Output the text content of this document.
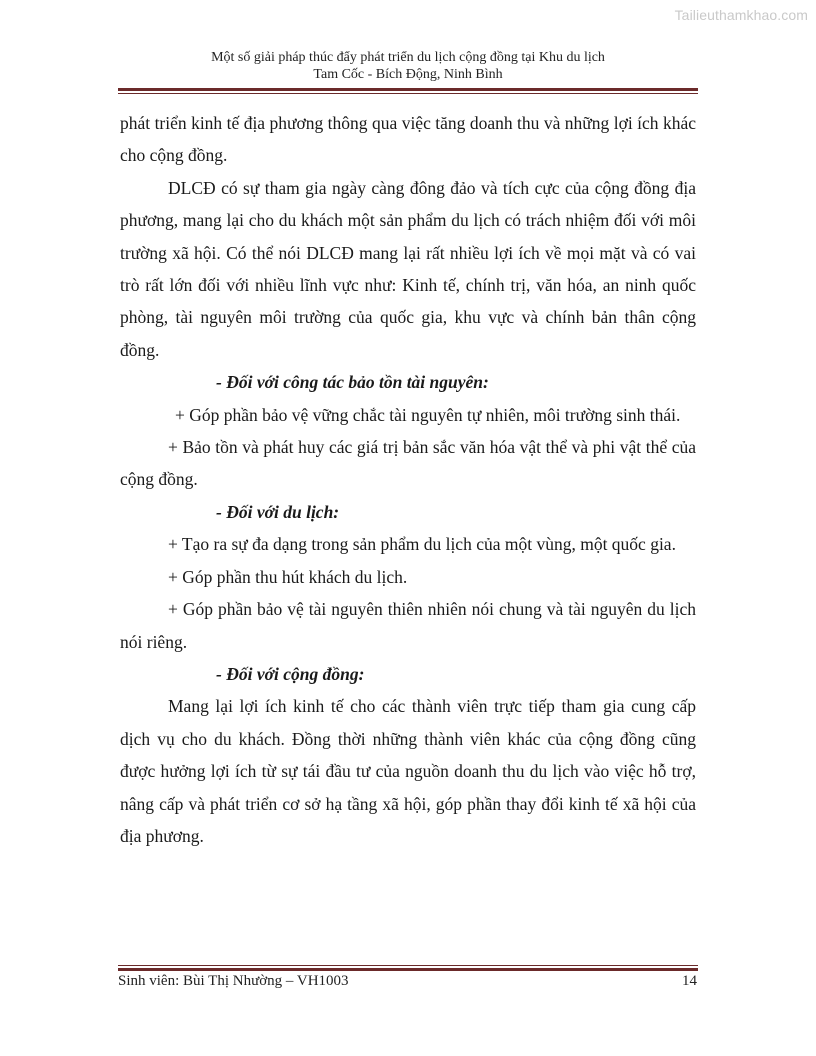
Tailieuthamkhao.com
Một số giải pháp thúc đẩy phát triển du lịch cộng đồng tại Khu du lịch
Tam Cốc - Bích Động, Ninh Bình

phát triển kinh tế địa phương thông qua việc tăng doanh thu và những lợi ích khác cho cộng đồng.

DLCĐ có sự tham gia ngày càng đông đảo và tích cực của cộng đồng địa phương, mang lại cho du khách một sản phẩm du lịch có trách nhiệm đối với môi trường xã hội. Có thể nói DLCĐ mang lại rất nhiều lợi ích về mọi mặt và có vai trò rất lớn đối với nhiều lĩnh vực như: Kinh tế, chính trị, văn hóa, an ninh quốc phòng, tài nguyên môi trường của quốc gia, khu vực và chính bản thân cộng đồng.

- Đối với công tác bảo tồn tài nguyên:

+ Góp phần bảo vệ vững chắc tài nguyên tự nhiên, môi trường sinh thái.

+ Bảo tồn và phát huy các giá trị bản sắc văn hóa vật thể và phi vật thể của cộng đồng.

- Đối với du lịch:

+ Tạo ra sự đa dạng trong sản phẩm du lịch của một vùng, một quốc gia.

+ Góp phần thu hút khách du lịch.

+ Góp phần bảo vệ tài nguyên thiên nhiên nói chung và tài nguyên du lịch nói riêng.

- Đối với cộng đồng:

Mang lại lợi ích kinh tế cho các thành viên trực tiếp tham gia cung cấp dịch vụ cho du khách. Đồng thời những thành viên khác của cộng đồng cũng được hưởng lợi ích từ sự tái đầu tư của nguồn doanh thu du lịch vào việc hỗ trợ, nâng cấp và phát triển cơ sở hạ tầng xã hội, góp phần thay đổi kinh tế xã hội của địa phương.

Sinh viên: Bùi Thị Nhường – VH1003	14
